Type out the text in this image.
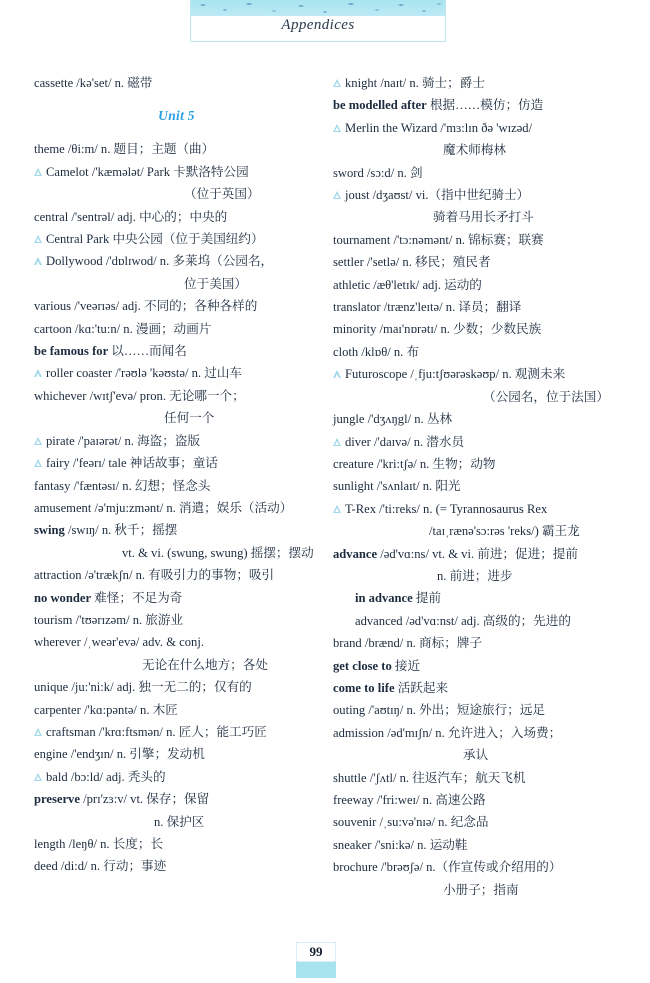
Appendices
cassette /kə'set/ n. 磁带
Unit 5
theme /θi:m/ n. 题目；主题（曲）
Camelot /'kæmələt/ Park 卡默洛特公园
（位于英国）
central /'sentrəl/ adj. 中心的；中央的
Central Park 中央公园（位于美国纽约）
Dollywood /'dɒlɪwod/ n. 多莱坞（公园名，
位于美国）
various /'veərɪəs/ adj. 不同的；各种各样的
cartoon /kɑ:'tu:n/ n. 漫画；动画片
be famous for 以……而闻名
roller coaster /'rəʊlə 'kəʊstə/ n. 过山车
whichever /wɪtʃ'evə/ pron. 无论哪一个；
任何一个
pirate /'paɪərət/ n. 海盗；盗版
fairy /'feərɪ/ tale 神话故事；童话
fantasy /'fæntəsɪ/ n. 幻想；怪念头
amusement /ə'mju:zmənt/ n. 消遣；娱乐（活动）
swing /swɪŋ/ n. 秋千；摇摆
vt. & vi. (swung, swung) 摇摆；摆动
attraction /ə'trækʃn/ n. 有吸引力的事物；吸引
no wonder 难怪；不足为奇
tourism /'tʊərɪzəm/ n. 旅游业
wherever /ˌweər'evə/ adv. & conj.
无论在什么地方；各处
unique /ju:'ni:k/ adj. 独一无二的；仅有的
carpenter /'kɑ:pəntə/ n. 木匠
craftsman /'krɑ:ftsmən/ n. 匠人；能工巧匠
engine /'endʒɪn/ n. 引擎；发动机
bald /bɔ:ld/ adj. 秃头的
preserve /prɪ'zɜ:v/ vt. 保存；保留
n. 保护区
length /leŋθ/ n. 长度；长
deed /di:d/ n. 行动；事迹
knight /naɪt/ n. 骑士；爵士
be modelled after 根据……模仿；仿造
Merlin the Wizard /'mɜ:lɪn ðə 'wɪzəd/
魔术师梅林
sword /sɔ:d/ n. 剑
joust /dʒaʊst/ vi.（指中世纪骑士）
骑着马用长矛打斗
tournament /'tɔ:nəmənt/ n. 锦标赛；联赛
settler /'setlə/ n. 移民；殖民者
athletic /æθ'letɪk/ adj. 运动的
translator /trænz'leɪtə/ n. 译员；翻译
minority /maɪ'nɒrətɪ/ n. 少数；少数民族
cloth /klɒθ/ n. 布
Futuroscope /ˌfju:tʃʊərəskəʊp/ n. 观测未来
（公园名，位于法国）
jungle /'dʒʌŋgl/ n. 丛林
diver /'daɪvə/ n. 潜水员
creature /'kri:tʃə/ n. 生物；动物
sunlight /'sʌnlaɪt/ n. 阳光
T-Rex /'ti:reks/ n. (= Tyrannosaurus Rex
/taɪˌrænə'sɔ:rəs 'reks/) 霸王龙
advance /əd'vɑ:ns/ vt. & vi. 前进；促进；提前
n. 前进；进步
in advance 提前
advanced /əd'vɑ:nst/ adj. 高级的；先进的
brand /brænd/ n. 商标；牌子
get close to 接近
come to life 活跃起来
outing /'aʊtɪŋ/ n. 外出；短途旅行；远足
admission /əd'mɪʃn/ n. 允许进入；入场费；
承认
shuttle /'ʃʌtl/ n. 往返汽车；航天飞机
freeway /'fri:weɪ/ n. 高速公路
souvenir /ˌsu:və'nɪə/ n. 纪念品
sneaker /'sni:kə/ n. 运动鞋
brochure /'brəʊʃə/ n.（作宣传或介绍用的）
小册子；指南
99
